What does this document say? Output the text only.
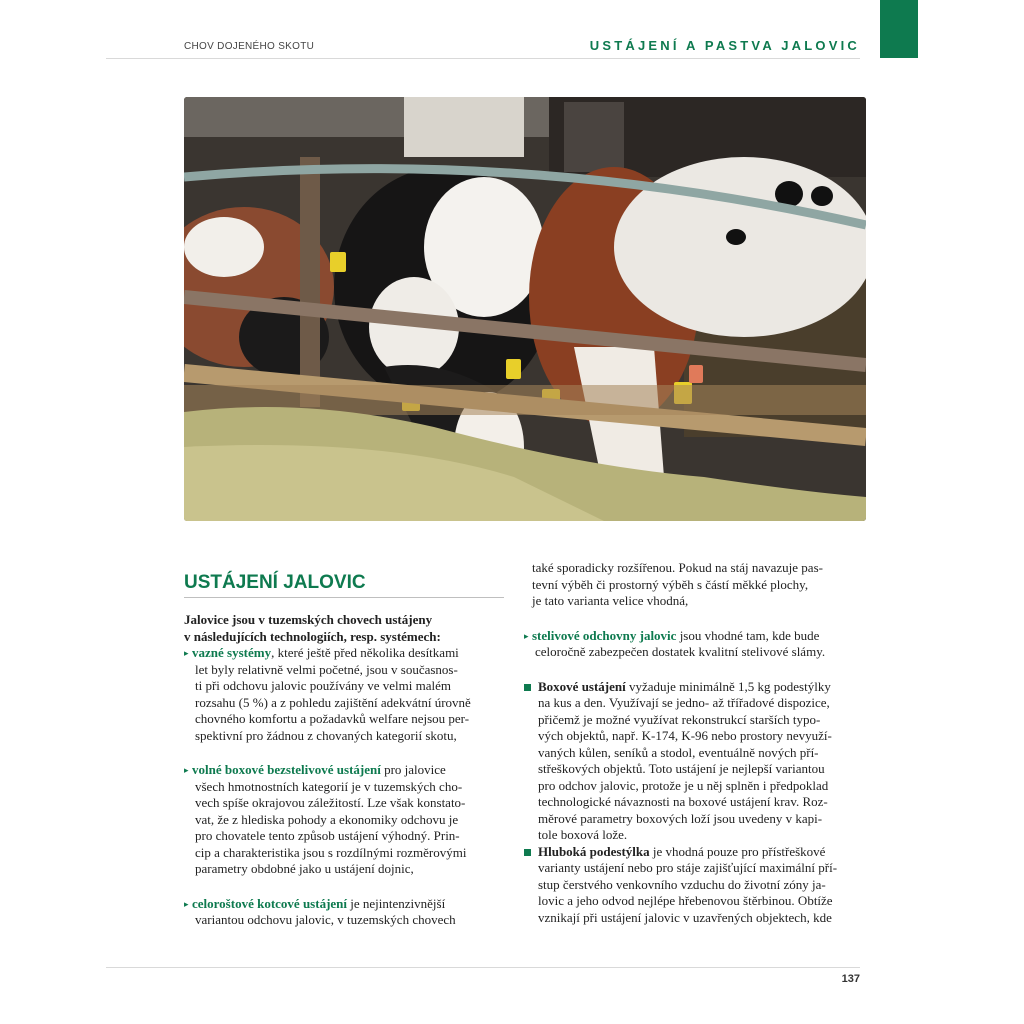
CHOV DOJENÉHO SKOTU	USTÁJENÍ A PASTVA JALOVIC
USTÁJENÍ JALOVIC

Jalovice jsou v tuzemských chovech ustájeny
v následujících technologiích, resp. systémech:

▸ vazné systémy, které ještě před několika desítkami
let byly relativně velmi početné, jsou v současnos-
ti při odchovu jalovic používány ve velmi malém
rozsahu (5 %) a z pohledu zajištění adekvátní úrovně
chovného komfortu a požadavků welfare nejsou per-
spektivní pro žádnou z chovaných kategorií skotu,

▸ volné boxové bezstelivové ustájení pro jalovice
všech hmotnostních kategorií je v tuzemských cho-
vech spíše okrajovou záležitostí. Lze však konstato-
vat, že z hlediska pohody a ekonomiky odchovu je
pro chovatele tento způsob ustájení výhodný. Prin-
cip a charakteristika jsou s rozdílnými rozměrovými
parametry obdobné jako u ustájení dojnic,

▸ celoroštové kotcové ustájení je nejintenzivnější
variantou odchovu jalovic, v tuzemských chovech

také sporadicky rozšířenou. Pokud na stáj navazuje pas-
tevní výběh či prostorný výběh s částí měkké plochy,
je tato varianta velice vhodná,

▸ stelivové odchovny jalovic jsou vhodné tam, kde bude
celoročně zabezpečen dostatek kvalitní stelivové slámy.

Boxové ustájení vyžaduje minimálně 1,5 kg podestýlky
na kus a den. Využívají se jedno- až třířadové dispozice,
přičemž je možné využívat rekonstrukcí starších typo-
vých objektů, např. K-174, K-96 nebo prostory nevyuží-
vaných kůlen, seníků a stodol, eventuálně nových pří-
střeškových objektů. Toto ustájení je nejlepší variantou
pro odchov jalovic, protože je u něj splněn i předpoklad
technologické návaznosti na boxové ustájení krav. Roz-
měrové parametry boxových loží jsou uvedeny v kapi-
tole boxová lože.

Hluboká podestýlka je vhodná pouze pro přístřeškové
varianty ustájení nebo pro stáje zajišťující maximální pří-
stup čerstvého venkovního vzduchu do životní zóny ja-
lovic a jeho odvod nejlépe hřebenovou štěrbinou. Obtíže
vznikají při ustájení jalovic v uzavřených objektech, kde

137
